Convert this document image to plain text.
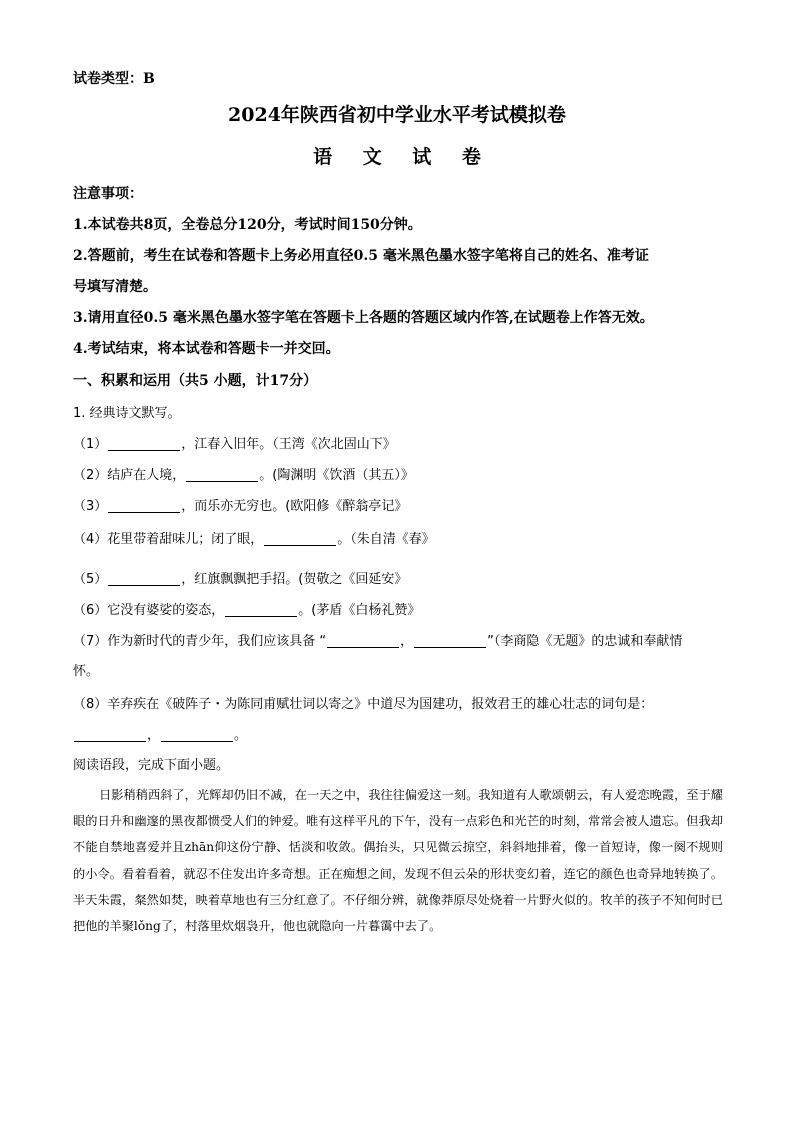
试卷类型：B
2024年陕西省初中学业水平考试模拟卷
语 文 试 卷
注意事项：
1.本试卷共8页，全卷总分120分，考试时间150分钟。
2.答题前，考生在试卷和答题卡上务必用直径0.5 毫米黑色墨水签字笔将自己的姓名、准考证
号填写清楚。
3.请用直径0.5 毫米黑色墨水签字笔在答题卡上各题的答题区域内作答,在试题卷上作答无效。
4.考试结束，将本试卷和答题卡一并交回。
一、积累和运用（共5 小题，计17分）
1. 经典诗文默写。
（1）	，江春入旧年。（王湾《次北固山下》
（2）结庐在人境，	。(陶渊明《饮酒（其五）》
（3）	，而乐亦无穷也。(欧阳修《醉翁亭记》
（4）花里带着甜味儿；闭了眼，	。（朱自清《春》
（5）	，红旗飘飘把手招。(贺敬之《回延安》
（6）它没有婆娑的姿态，	。(茅盾《白杨礼赞》
（7）作为新时代的青少年，我们应该具备 “	，	”（李商隐《无题》的忠诚和奉献情
怀。
（8）辛弃疾在《破阵子・为陈同甫赋壮词以寄之》中道尽为国建功，报效君王的雄心壮志的词句是：
，	。
阅读语段，完成下面小题。
日影稍稍西斜了，光辉却仍旧不减，在一天之中，我往往偏爱这一刻。我知道有人歌颂朝云，有人爱恋晚霞，至于耀眼的日升和幽邃的黑夜都惯受人们的钟爱。唯有这样平凡的下午，没有一点彩色和光芒的时刻，常常会被人遗忘。但我却不能自禁地喜爱并且zhān仰这份宁静、恬淡和收敛。偶抬头，只见微云掠空，斜斜地排着，像一首短诗，像一阕不规则的小令。看着看着，就忍不住发出许多奇想。正在痴想之间，发现不但云朵的形状变幻着，连它的颜色也奇异地转换了。半天朱霞，粲然如焚，映着草地也有三分红意了。不仔细分辨，就像莽原尽处烧着一片野火似的。牧羊的孩子不知何时已把他的羊聚lǒng了，村落里炊烟袅升，他也就隐向一片暮霭中去了。
